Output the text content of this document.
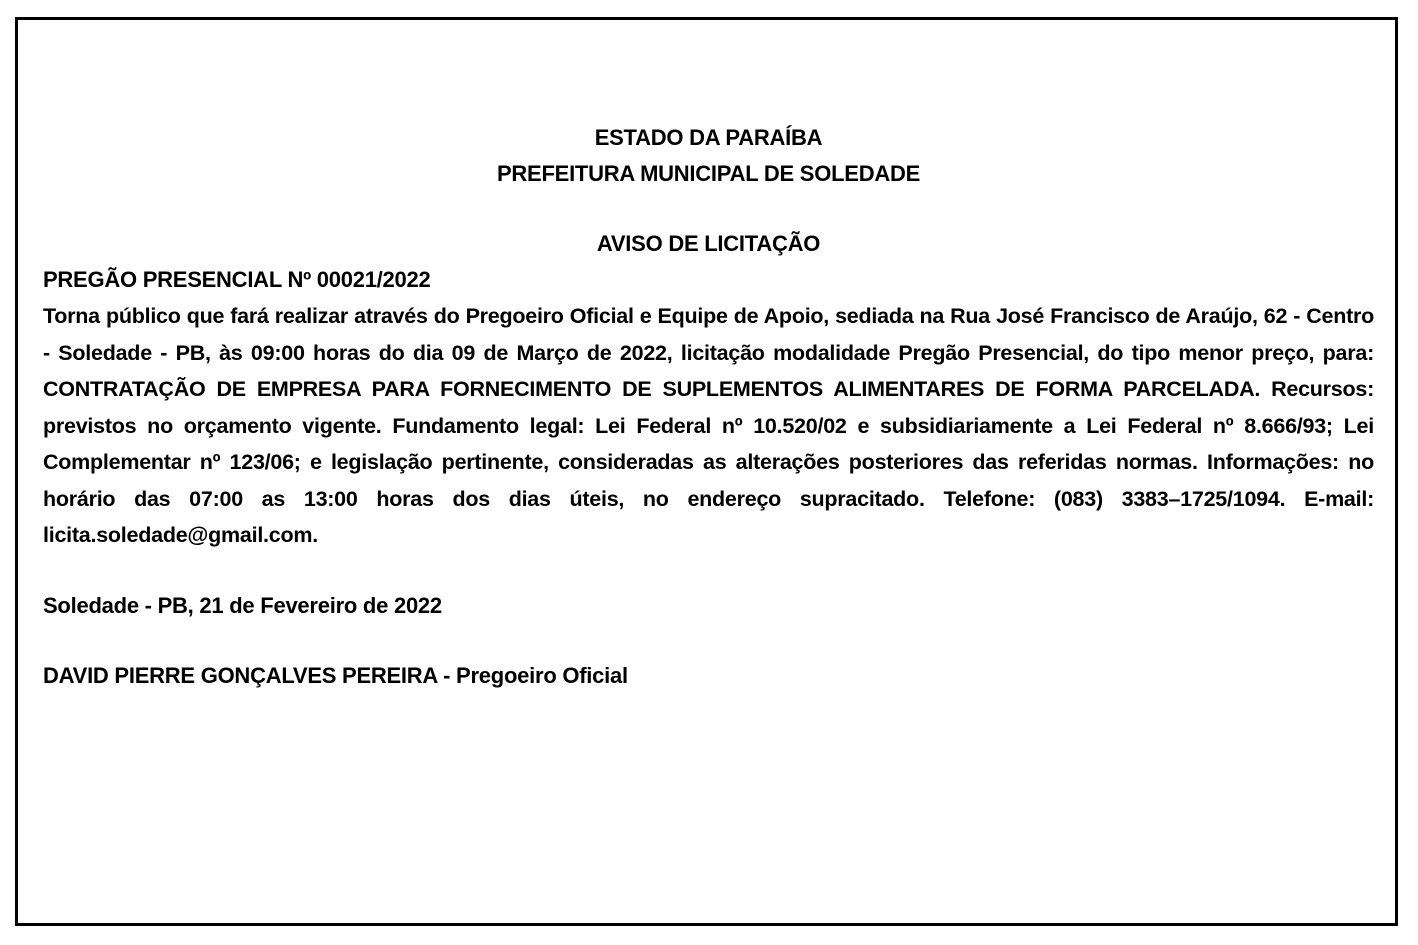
ESTADO DA PARAÍBA

PREFEITURA MUNICIPAL DE SOLEDADE

AVISO DE LICITAÇÃO

PREGÃO PRESENCIAL Nº 00021/2022

Torna público que fará realizar através do Pregoeiro Oficial e Equipe de Apoio, sediada na Rua José Francisco de Araújo, 62 - Centro - Soledade - PB, às 09:00 horas do dia 09 de Março de 2022, licitação modalidade Pregão Presencial, do tipo menor preço, para: CONTRATAÇÃO DE EMPRESA PARA FORNECIMENTO DE SUPLEMENTOS ALIMENTARES DE FORMA PARCELADA. Recursos: previstos no orçamento vigente. Fundamento legal: Lei Federal nº 10.520/02 e subsidiariamente a Lei Federal nº 8.666/93; Lei Complementar nº 123/06; e legislação pertinente, consideradas as alterações posteriores das referidas normas. Informações: no horário das 07:00 as 13:00 horas dos dias úteis, no endereço supracitado. Telefone: (083) 3383–1725/1094. E-mail: licita.soledade@gmail.com.

Soledade - PB, 21 de Fevereiro de 2022

DAVID PIERRE GONÇALVES PEREIRA - Pregoeiro Oficial
